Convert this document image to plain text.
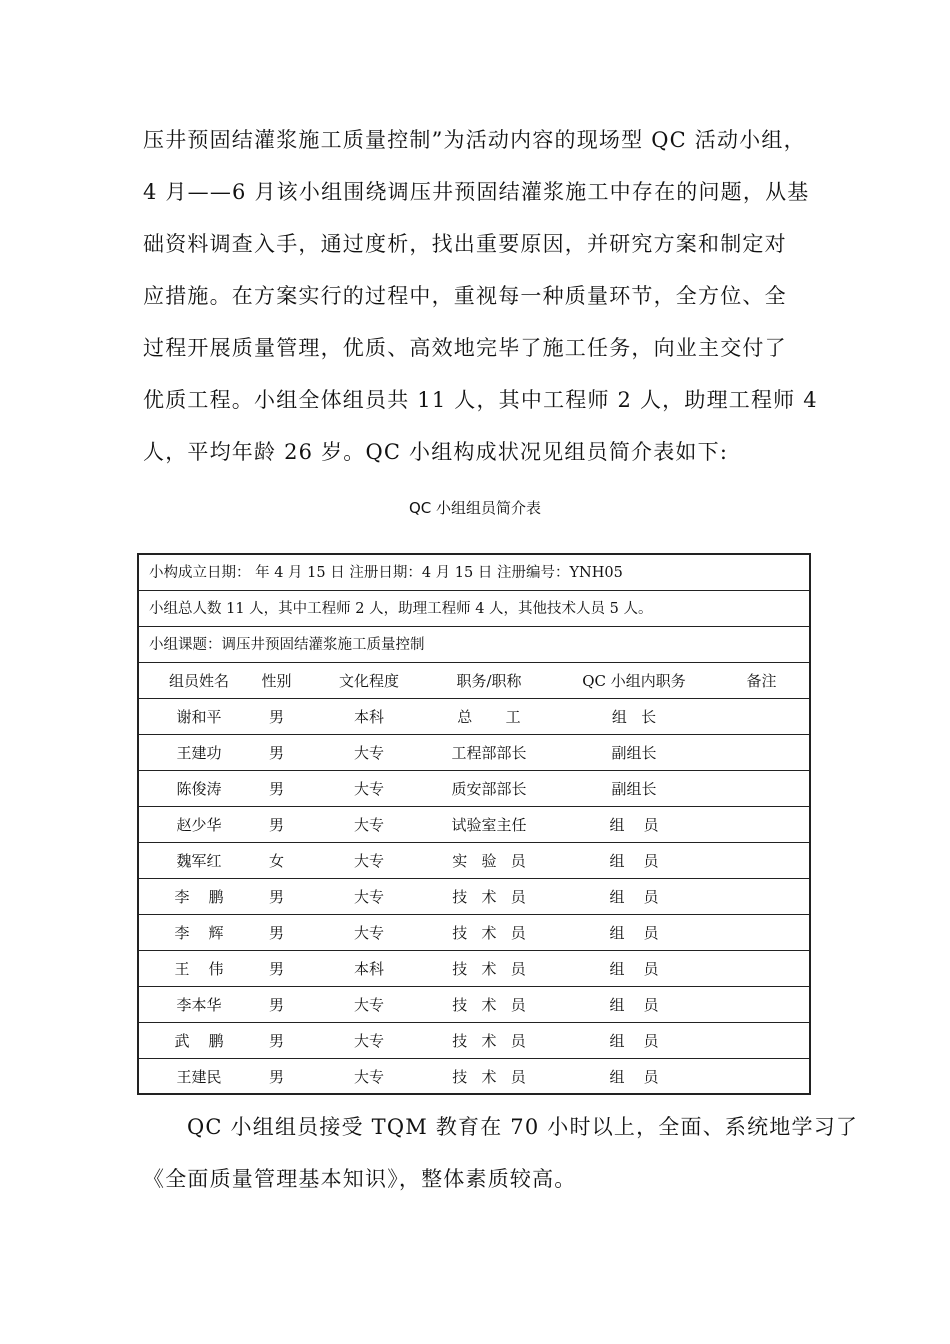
压井预固结灌浆施工质量控制”为活动内容的现场型 QC 活动小组，
4 月——6 月该小组围绕调压井预固结灌浆施工中存在的问题，从基
础资料调查入手，通过度析，找出重要原因，并研究方案和制定对
应措施。在方案实行的过程中，重视每一种质量环节，全方位、全
过程开展质量管理，优质、高效地完毕了施工任务，向业主交付了
优质工程。小组全体组员共 11 人，其中工程师 2 人，助理工程师 4
人，平均年龄 26 岁。QC 小组构成状况见组员简介表如下:
QC 小组组员简介表
小构成立日期： 年 4 月 15 日 注册日期：4 月 15 日 注册编号：YNH05
小组总人数 11 人，其中工程师 2 人，助理工程师 4 人，其他技术人员 5 人。
小组课题：调压井预固结灌浆施工质量控制
组员姓名	性别	文化程度	职务/职称	QC 小组内职务	备注
谢和平	男	本科	总       工	组   长
王建功	男	大专	工程部部长	副组长
陈俊涛	男	大专	质安部部长	副组长
赵少华	男	大专	试验室主任	组    员
魏军红	女	大专	实   验   员	组    员
李    鹏	男	大专	技   术   员	组    员
李    辉	男	大专	技   术   员	组    员
王    伟	男	本科	技   术   员	组    员
李本华	男	大专	技   术   员	组    员
武    鹏	男	大专	技   术   员	组    员
王建民	男	大专	技   术   员	组    员
QC 小组组员接受 TQM 教育在 70 小时以上，全面、系统地学习了
《全面质量管理基本知识》，整体素质较高。
